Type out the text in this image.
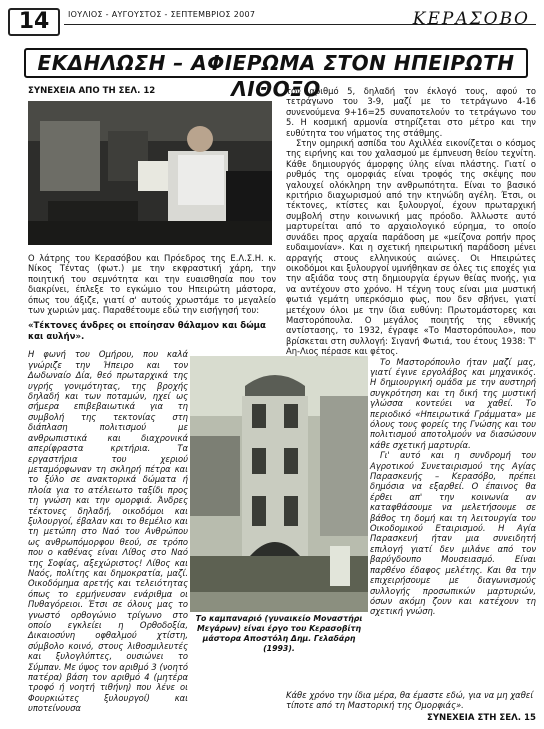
14	ΙΟΥΛΙΟΣ - ΑΥΓΟΥΣΤΟΣ - ΣΕΠΤΕΜΒΡΙΟΣ 2007	ΚΕΡΑΣΟΒΟ
ΕΚΔΗΛΩΣΗ – ΑΦΙΕΡΩΜΑ ΣΤΟΝ ΗΠΕΙΡΩΤΗ ΛΙΘΟΞΟ
ΣΥΝΕΧΕΙΑ ΑΠΟ ΤΗ ΣΕΛ. 12

Ο λάτρης του Κερασόβου και Πρόεδρος της Ε.Λ.Σ.Η. κ. Νίκος Τέντας (φωτ.) με την εκφραστική χάρη, την ποιητική του σεμνότητα και την ευαισθησία που τον διακρίνει, έπλεξε το εγκώμιο του Ηπειρώτη μάστορα, όπως του άξιζε, γιατί σ' αυτούς χρωστάμε το μεγαλείο των χωριών μας. Παραθέτουμε εδώ την εισήγησή του:

«Τέκτονες άνδρες οι εποίησαν θάλαμον και δώμα και αυλήν».

Η φωνή του Ομήρου, που καλά γνώριζε την Ήπειρο και τον Δωδωναίο Δία, θεό πρωταρχικά της υγρής γονιμότητας, της βροχής δηλαδή και των ποταμών, ηχεί ως σήμερα επιβεβαιωτικά για τη συμβολή της τεκτονίας στη διάπλαση πολιτισμού με ανθρωπιστικά και διαχρονικά απερίφραστα κριτήρια. Τα εργαστήρια του χεριού μεταμόρφωναν τη σκληρή πέτρα και το ξύλο σε ανακτορικά δώματα ή πλοία για το ατέλειωτο ταξίδι προς τη γνώση και την ομορφιά. Άνδρες τέκτονες δηλαδή, οικοδόμοι και ξυλουργοί, έβαλαν και το θεμέλιο και τη μετώπη στο Ναό του Ανθρώπου ως ανθρωπόμορφου θεού, σε τρόπο που ο καθένας είναι Λίθος στο Ναό της Σοφίας, αξεχώριστος! Λίθος και Ναός, πολίτης και δημοκρατία, μαζί. Οικοδόμημα αρετής και τελειότητας όπως το ερμήνευσαν ενάριθμα οι Πυθαγόρειοι. Έτσι σε όλους μας το γνωστό ορθογώνιο τρίγωνο στο οποίο εγκλείει η Ορθοδοξία, Δικαιοσύνη οφθαλμού χτίστη, σύμβολο κοινό, στους λιθοσμιλευτές και ξυλογλύπτες, ουσιώνει το Σύμπαν. Με ύψος τον αριθμό 3 (νοητό πατέρα) βάση τον αριθμό 4 (μητέρα τροφό ή νοητή τιθήνη) που λένε οι Φουρκιώτες ξυλουργοί) και υποτείνουσα

τον αριθμό 5, δηλαδή τον έκλογό τους, αφού το τετράγωνο του 3-9, μαζί με το τετράγωνο 4-16 συνενούμενα 9+16=25 συναποτελούν το τετράγωνο του 5. Η κοσμική αρμονία στηρίζεται στο μέτρο και την ευθύτητα του νήματος της στάθμης.

Στην ομηρική ασπίδα του Αχιλλέα εικονίζεται ο κόσμος της ειρήνης και του χαλασμού με έμπνευση θείου τεχνίτη. Κάθε δημιουργός άμορφης ύλης είναι πλάστης. Γιατί ο ρυθμός της ομορφιάς είναι τροφός της σκέψης που γαλουχεί ολόκληρη την ανθρωπότητα. Είναι το βασικό κριτήριο διαχωρισμού από την κτηνώδη αγέλη. Έτσι, οι τέκτονες, κτίστες και ξυλουργοί, έχουν πρωταρχική συμβολή στην κοινωνική μας πρόοδο. Άλλωστε αυτό μαρτυρείται από το αρχαιολογικό εύρημα, το οποίο συνάδει προς αρχαία παράδοση με «μείζονα ροπήν προς ευδαιμονίαν». Και η σχετική ηπειρωτική παράδοση μένει αρραγής στους ελληνικούς αιώνες. Οι Ηπειρώτες οικοδόμοι και ξυλουργοί υμνήθηκαν σε όλες τις εποχές για την αξιάδα τους στη δημιουργία έργων θείας πνοής, για να αντέχουν στο χρόνο. Η τέχνη τους είναι μια μυστική φωτιά γεμάτη υπερκόσμιο φως, που δεν σβήνει, γιατί μετέχουν όλοι με την ίδια ευθύνη: Πρωτομάστορες και Μαστορόπουλα. Ο μεγάλος ποιητής της εθνικής αντίστασης, το 1932, έγραφε «Το Μαστορόπουλο», που βρίσκεται στη συλλογή: Σιγανή Φωτιά, του έτους 1938: Τ' Αη-Λιος πέρασε και φέτος.

Το Μαστορόπουλο ήταν μαζί μας, γιατί έγινε εργολάβος και μηχανικός. Η δημιουργική ομάδα με την αυστηρή συγκρότηση και τη δική της μυστική γλώσσα κοντεύει να χαθεί. Το περιοδικό «Ηπειρωτικά Γράμματα» με όλους τους φορείς της Γνώσης και του πολιτισμού αποτολμούν να διασώσουν κάθε σχετική μαρτυρία.

Γι' αυτό και η συνδρομή του Αγροτικού Συνεταιρισμού της Αγίας Παρασκευής – Κερασόβο, πρέπει δημόσια να εξαρθεί. Ο έπαινος θα έρθει απ' την κοινωνία αν καταφθάσουμε να μελετήσουμε σε βάθος τη δομή και τη λειτουργία του Οικοδομικού Εταιρισμού. Η Αγία Παρασκευή ήταν μια συνειδητή επιλογή γιατί δεν μιλάνε από τον βαρύγδουπο Μουσειασμό. Είναι παρθένο έδαφος μελέτης. Και θα την επιχειρήσουμε με διαγωνισμούς συλλογής προσωπικών μαρτυριών, όσων ακόμη ζουν και κατέχουν τη σχετική γνώση.

Το καμπαναριό (γυναικείο Μοναστήρι Μεγάρων) είναι έργο του Κερασοβίτη μάστορα Αποστόλη Δημ. Γελαδάρη (1993).
Κάθε χρόνο την ίδια μέρα, θα έμαστε εδώ, για να μη χαθεί τίποτε από τη Μαστορική της Ομορφιάς».
ΣΥΝΕΧΕΙΑ ΣΤΗ ΣΕΛ. 15
